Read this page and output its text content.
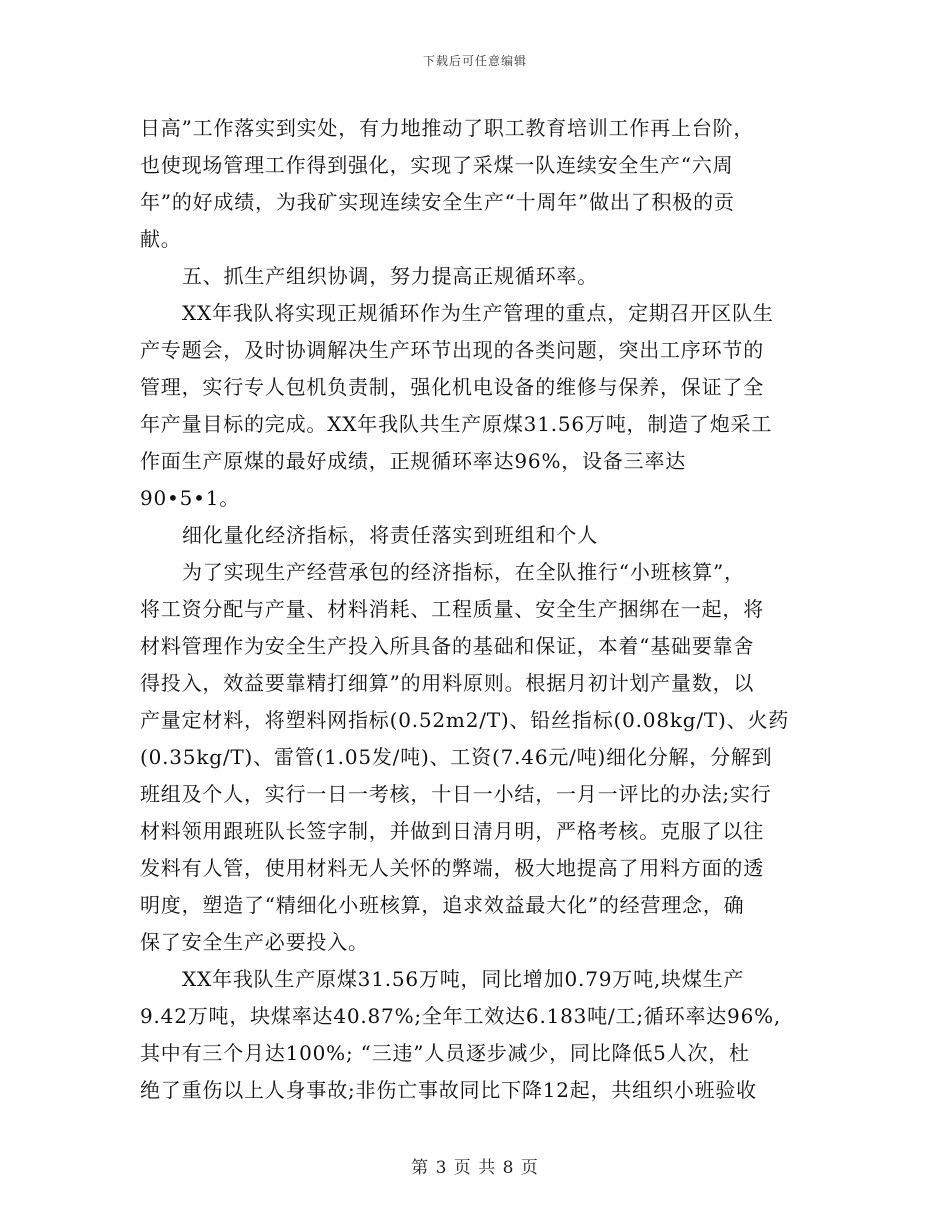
下载后可任意编辑
日高”工作落实到实处，有力地推动了职工教育培训工作再上台阶，
也使现场管理工作得到强化，实现了采煤一队连续安全生产“六周
年”的好成绩，为我矿实现连续安全生产“十周年”做出了积极的贡
献。
五、抓生产组织协调，努力提高正规循环率。
XX年我队将实现正规循环作为生产管理的重点，定期召开区队生
产专题会，及时协调解决生产环节出现的各类问题，突出工序环节的
管理，实行专人包机负责制，强化机电设备的维修与保养，保证了全
年产量目标的完成。XX年我队共生产原煤31.56万吨，制造了炮采工
作面生产原煤的最好成绩，正规循环率达96%，设备三率达
90•5•1。
细化量化经济指标，将责任落实到班组和个人
为了实现生产经营承包的经济指标，在全队推行“小班核算”，
将工资分配与产量、材料消耗、工程质量、安全生产捆绑在一起，将
材料管理作为安全生产投入所具备的基础和保证，本着“基础要靠舍
得投入，效益要靠精打细算”的用料原则。根据月初计划产量数，以
产量定材料，将塑料网指标(0.52m2/T)、铅丝指标(0.08kg/T)、火药
(0.35kg/T)、雷管(1.05发/吨)、工资(7.46元/吨)细化分解，分解到
班组及个人，实行一日一考核，十日一小结，一月一评比的办法;实行
材料领用跟班队长签字制，并做到日清月明，严格考核。克服了以往
发料有人管，使用材料无人关怀的弊端，极大地提高了用料方面的透
明度，塑造了“精细化小班核算，追求效益最大化”的经营理念，确
保了安全生产必要投入。
XX年我队生产原煤31.56万吨，同比增加0.79万吨,块煤生产
9.42万吨，块煤率达40.87%;全年工效达6.183吨/工;循环率达96%,
其中有三个月达100%; “三违”人员逐步减少，同比降低5人次，杜
绝了重伤以上人身事故;非伤亡事故同比下降12起，共组织小班验收
第 3 页 共 8 页
